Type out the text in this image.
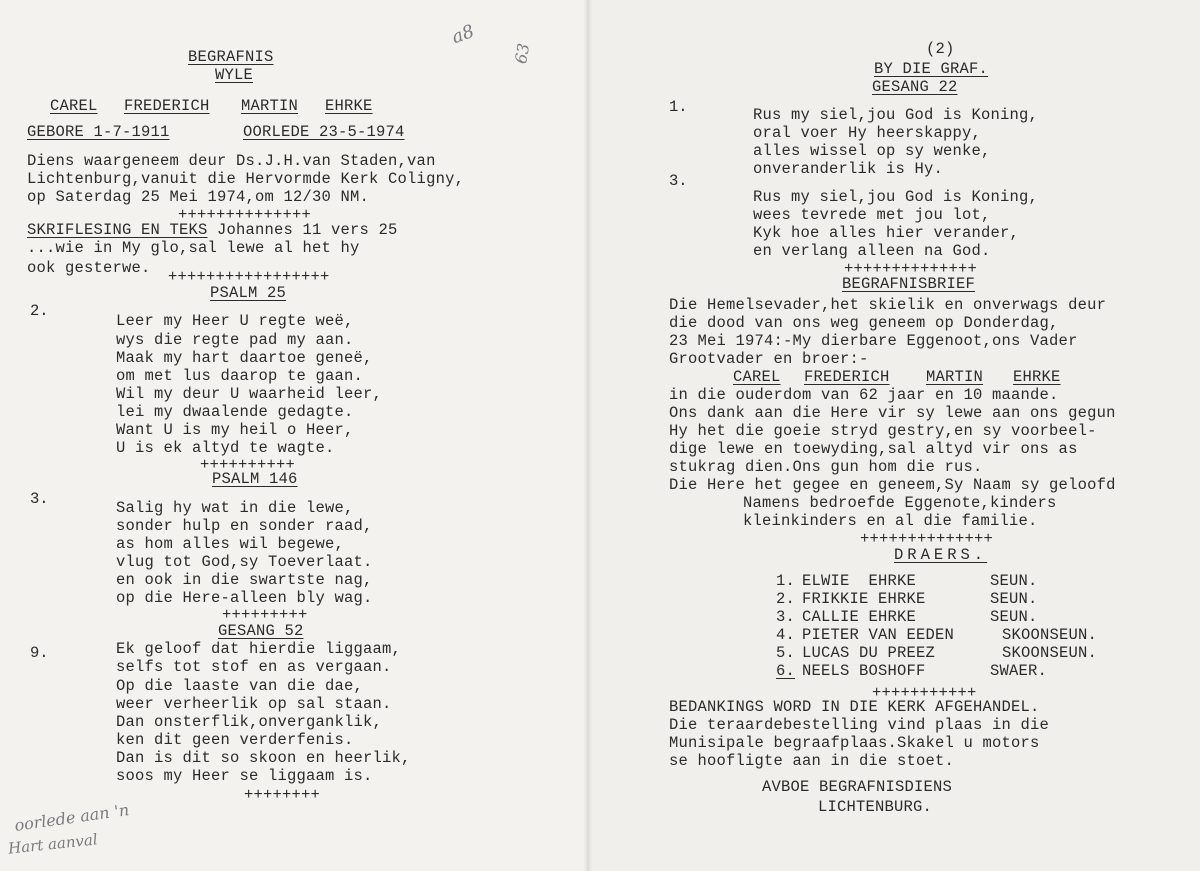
BEGRAFNIS
WYLE
CAREL FREDERICH MARTIN EHRKE
GEBORE 1-7-1911	OORLEDE 23-5-1974
Diens waargeneem deur Ds.J.H.van Staden,van
Lichtenburg,vanuit die Hervormde Kerk Coligny,
op Saterdag 25 Mei 1974,om 12/30 NM.
++++++++++++++
SKRIFLESING EN TEKS Johannes 11 vers 25
...wie in My glo,sal lewe al het hy
ook gesterwe. +++++++++++++++++
PSALM 25
2.
Leer my Heer U regte weë,
wys die regte pad my aan.
Maak my hart daartoe geneë,
om met lus daarop te gaan.
Wil my deur U waarheid leer,
lei my dwaalende gedagte.
Want U is my heil o Heer,
U is ek altyd te wagte.
++++++++++
PSALM 146
3.	Salig hy wat in die lewe,
sonder hulp en sonder raad,
as hom alles wil begewe,
vlug tot God,sy Toeverlaat.
en ook in die swartste nag,
op die Here-alleen bly wag.
+++++++++
GESANG 52
9.	Ek geloof dat hierdie liggaam,
selfs tot stof en as vergaan.
Op die laaste van die dae,
weer verheerlik op sal staan.
Dan onsterflik,onverganklik,
ken dit geen verderfenis.
Dan is dit so skoon en heerlik,
soos my Heer se liggaam is.
++++++++
oorlede aan 'n
Hart aanval
a8
63	(2)
BY DIE GRAF.
GESANG 22
1.	Rus my siel,jou God is Koning,
oral voer Hy heerskappy,
alles wissel op sy wenke,
onveranderlik is Hy.
3.
Rus my siel,jou God is Koning,
wees tevrede met jou lot,
Kyk hoe alles hier verander,
en verlang alleen na God.
++++++++++++++
BEGRAFNISBRIEF
Die Hemelsevader,het skielik en onverwags deur
die dood van ons weg geneem op Donderdag,
23 Mei 1974:-My dierbare Eggenoot,ons Vader
Grootvader en broer:-
CAREL FREDERICH MARTIN EHRKE
in die ouderdom van 62 jaar en 10 maande.
Ons dank aan die Here vir sy lewe aan ons gegun
Hy het die goeie stryd gestry,en sy voorbeel-
dige lewe en toewyding,sal altyd vir ons as
stukrag dien.Ons gun hom die rus.
Die Here het gegee en geneem,Sy Naam sy geloofd
Namens bedroefde Eggenote,kinders
kleinkinders en al die familie.
++++++++++++++
DRAERS.
1. ELWIE  EHRKE	SEUN.
2. FRIKKIE EHRKE	SEUN.
3. CALLIE EHRKE	SEUN.
4. PIETER VAN EEDEN	SKOONSEUN.
5. LUCAS DU PREEZ	SKOONSEUN.
6. NEELS BOSHOFF	SWAER.
+++++++++++
BEDANKINGS WORD IN DIE KERK AFGEHANDEL.
Die teraardebestelling vind plaas in die
Munisipale begraafplaas.Skakel u motors
se hoofligte aan in die stoet.
AVBOE BEGRAFNISDIENS
LICHTENBURG.
